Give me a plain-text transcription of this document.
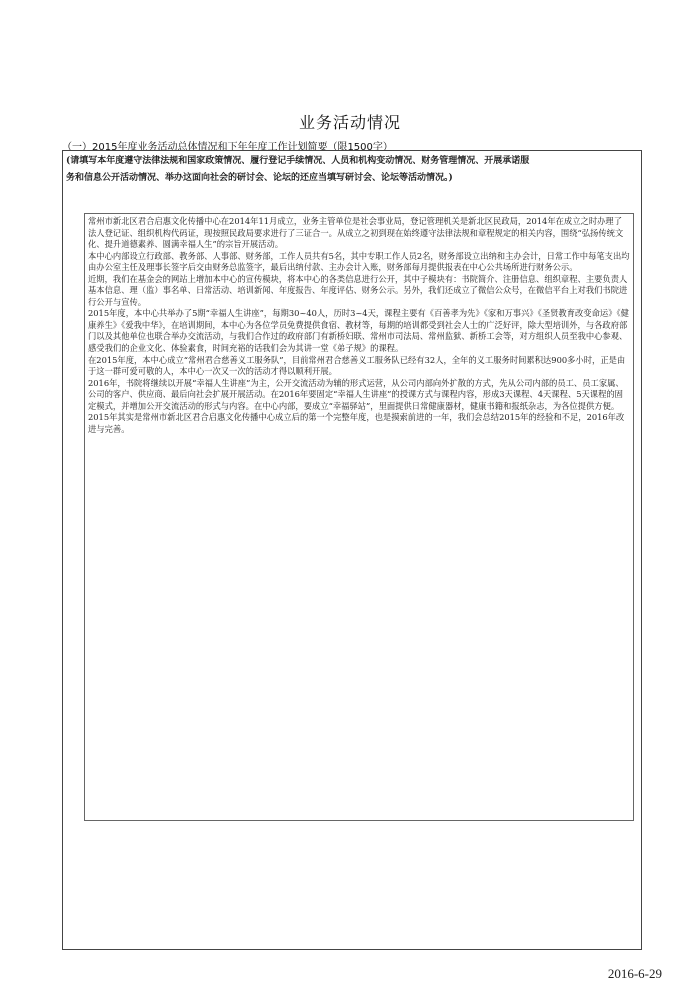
业务活动情况
（一）2015年度业务活动总体情况和下年年度工作计划简要（限1500字）
(请填写本年度遵守法律法规和国家政策情况、履行登记手续情况、人员和机构变动情况、财务管理情况、开展承诺服务和信息公开活动情况、举办这面向社会的研讨会、论坛的还应当填写研讨会、论坛等活动情况。)

常州市新北区君合启惠文化传播中心在2014年11月成立，业务主管单位是社会事业局，登记管理机关是新北区民政局，2014年在成立之时办理了法人登记证、组织机构代码证，现按照民政局要求进行了三证合一。从成立之初到现在始终遵守法律法规和章程规定的相关内容，围绕“弘扬传统文化、提升道德素养、圆满幸福人生”的宗旨开展活动。

本中心内部设立行政部、教务部、人事部、财务部，工作人员共有5名，其中专职工作人员2名，财务部设立出纳和主办会计，日常工作中每笔支出均由办公室主任及理事长签字后交由财务总监签字，最后出纳付款、主办会计入账，财务部每月提供报表在中心公共场所进行财务公示。

近期，我们在基金会的网站上增加本中心的宣传模块，将本中心的各类信息进行公开，其中子模块有：书院简介、注册信息、组织章程、主要负责人基本信息、理（监）事名单、日常活动、培训新闻、年度报告、年度评估、财务公示。另外，我们还成立了微信公众号，在微信平台上对我们书院进行公开与宣传。

2015年度，本中心共举办了5期“幸福人生讲座”，每期30~40人，历时3~4天，课程主要有《百善孝为先》《家和万事兴》《圣贤教育改变命运》《健康养生》《爱我中华》，在培训期间，本中心为各位学员免费提供食宿、教材等，每期的培训都受到社会人士的广泛好评，除大型培训外，与各政府部门以及其他单位也联合举办交流活动，与我们合作过的政府部门有新桥妇联、常州市司法局、常州监狱、新桥工会等，对方组织人员至我中心参观、感受我们的企业文化、体验素食，时间充裕的话我们会为其讲一堂《弟子规》的课程。

在2015年度，本中心成立“常州君合慈善义工服务队”，目前常州君合慈善义工服务队已经有32人，全年的义工服务时间累积达900多小时，正是由于这一群可爱可敬的人，本中心一次又一次的活动才得以顺利开展。

2016年，书院将继续以开展“幸福人生讲座”为主，公开交流活动为辅的形式运营，从公司内部向外扩散的方式，先从公司内部的员工、员工家属、公司的客户、供应商、最后向社会扩展开展活动。在2016年要固定“幸福人生讲座”的授课方式与课程内容，形成3天课程、4天课程、5天课程的固定模式，并增加公开交流活动的形式与内容。在中心内部，要成立“幸福驿站”，里面提供日常健康器材，健康书籍和报纸杂志，为各位提供方便。

2015年其实是常州市新北区君合启惠文化传播中心成立后的第一个完整年度，也是摸索前进的一年，我们会总结2015年的经验和不足，2016年改进与完善。

2016-6-29
